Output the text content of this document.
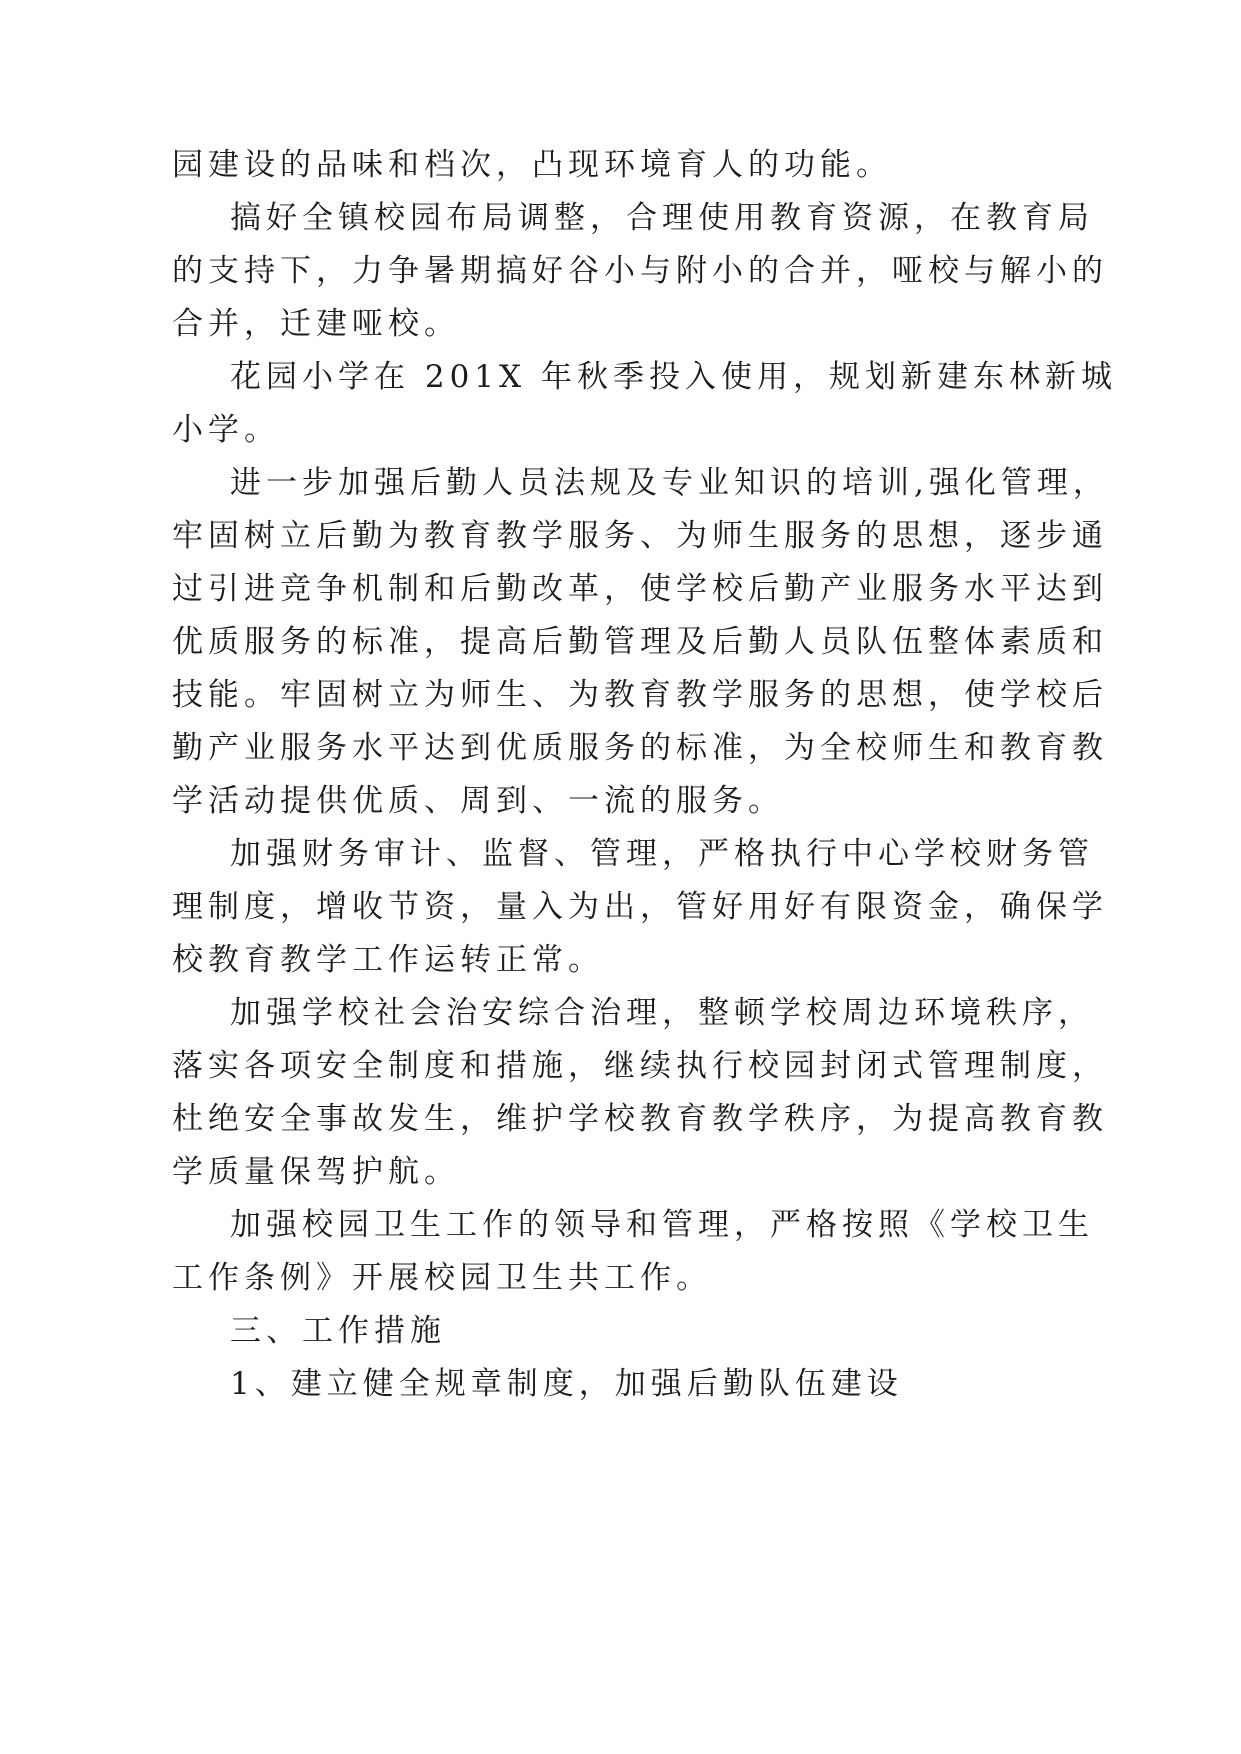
园建设的品味和档次，凸现环境育人的功能。
搞好全镇校园布局调整，合理使用教育资源，在教育局
的支持下，力争暑期搞好谷小与附小的合并，哑校与解小的
合并，迁建哑校。
花园小学在 201X 年秋季投入使用，规划新建东林新城
小学。
进一步加强后勤人员法规及专业知识的培训,强化管理，
牢固树立后勤为教育教学服务、为师生服务的思想，逐步通
过引进竞争机制和后勤改革，使学校后勤产业服务水平达到
优质服务的标准，提高后勤管理及后勤人员队伍整体素质和
技能。牢固树立为师生、为教育教学服务的思想，使学校后
勤产业服务水平达到优质服务的标准，为全校师生和教育教
学活动提供优质、周到、一流的服务。
加强财务审计、监督、管理，严格执行中心学校财务管
理制度，增收节资，量入为出，管好用好有限资金，确保学
校教育教学工作运转正常。
加强学校社会治安综合治理，整顿学校周边环境秩序，
落实各项安全制度和措施，继续执行校园封闭式管理制度，
杜绝安全事故发生，维护学校教育教学秩序，为提高教育教
学质量保驾护航。
加强校园卫生工作的领导和管理，严格按照《学校卫生
工作条例》开展校园卫生共工作。
三、工作措施
1、建立健全规章制度，加强后勤队伍建设
